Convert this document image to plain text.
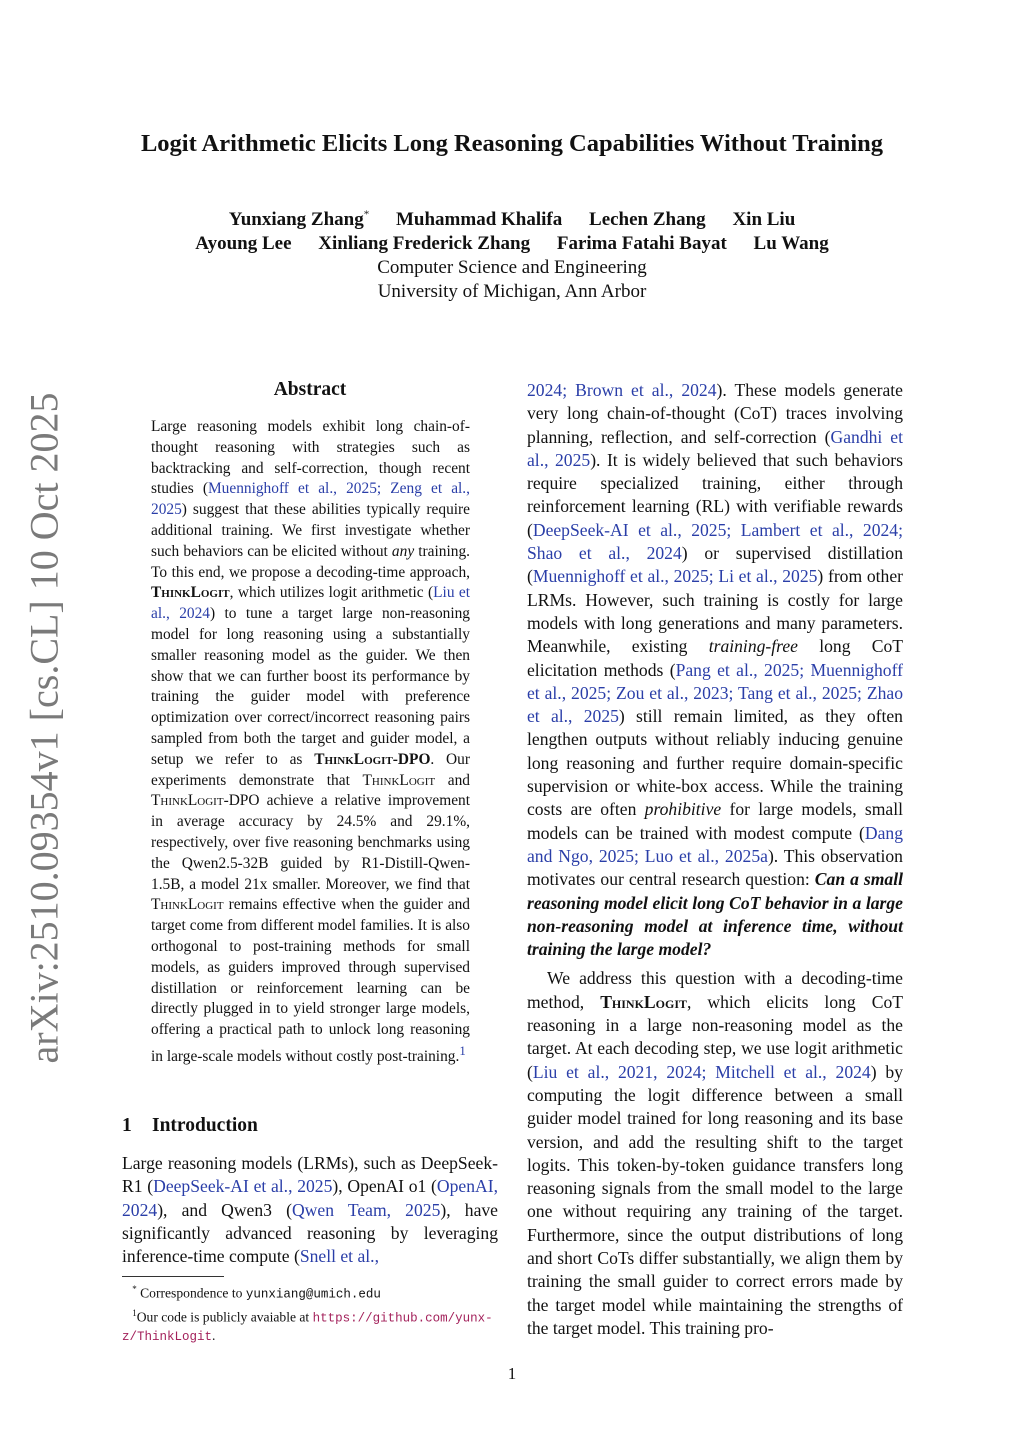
arXiv:2510.09354v1 [cs.CL] 10 Oct 2025
Logit Arithmetic Elicits Long Reasoning Capabilities Without Training
Yunxiang Zhang* Muhammad Khalifa Lechen Zhang Xin Liu
Ayoung Lee Xinliang Frederick Zhang Farima Fatahi Bayat Lu Wang
Computer Science and Engineering
University of Michigan, Ann Arbor
Abstract
Large reasoning models exhibit long chain-of-thought reasoning with strategies such as backtracking and self-correction, though recent studies (Muennighoff et al., 2025; Zeng et al., 2025) suggest that these abilities typically require additional training. We first investigate whether such behaviors can be elicited without any training. To this end, we propose a decoding-time approach, ThinkLogit, which utilizes logit arithmetic (Liu et al., 2024) to tune a target large non-reasoning model for long reasoning using a substantially smaller reasoning model as the guider. We then show that we can further boost its performance by training the guider model with preference optimization over correct/incorrect reasoning pairs sampled from both the target and guider model, a setup we refer to as ThinkLogit-DPO. Our experiments demonstrate that ThinkLogit and ThinkLogit-DPO achieve a relative improvement in average accuracy by 24.5% and 29.1%, respectively, over five reasoning benchmarks using the Qwen2.5-32B guided by R1-Distill-Qwen-1.5B, a model 21x smaller. Moreover, we find that ThinkLogit remains effective when the guider and target come from different model families. It is also orthogonal to post-training methods for small models, as guiders improved through supervised distillation or reinforcement learning can be directly plugged in to yield stronger large models, offering a practical path to unlock long reasoning in large-scale models without costly post-training.$^1$
1 Introduction
Large reasoning models (LRMs), such as DeepSeek-R1 (DeepSeek-AI et al., 2025), OpenAI o1 (OpenAI, 2024), and Qwen3 (Qwen Team, 2025), have significantly advanced reasoning by leveraging inference-time compute (Snell et al.,

2024; Brown et al., 2024). These models generate very long chain-of-thought (CoT) traces involving planning, reflection, and self-correction (Gandhi et al., 2025). It is widely believed that such behaviors require specialized training, either through reinforcement learning (RL) with verifiable rewards (DeepSeek-AI et al., 2025; Lambert et al., 2024; Shao et al., 2024) or supervised distillation (Muennighoff et al., 2025; Li et al., 2025) from other LRMs. However, such training is costly for large models with long generations and many parameters. Meanwhile, existing training-free long CoT elicitation methods (Pang et al., 2025; Muennighoff et al., 2025; Zou et al., 2023; Tang et al., 2025; Zhao et al., 2025) still remain limited, as they often lengthen outputs without reliably inducing genuine long reasoning and further require domain-specific supervision or white-box access. While the training costs are often prohibitive for large models, small models can be trained with modest compute (Dang and Ngo, 2025; Luo et al., 2025a). This observation motivates our central research question: Can a small reasoning model elicit long CoT behavior in a large non-reasoning model at inference time, without training the large model?

We address this question with a decoding-time method, ThinkLogit, which elicits long CoT reasoning in a large non-reasoning model as the target. At each decoding step, we use logit arithmetic (Liu et al., 2021, 2024; Mitchell et al., 2024) by computing the logit difference between a small guider model trained for long reasoning and its base version, and add the resulting shift to the target logits. This token-by-token guidance transfers long reasoning signals from the small model to the large one without requiring any training of the target. Furthermore, since the output distributions of long and short CoTs differ substantially, we align them by training the small guider to correct errors made by the target model while maintaining the strengths of the target model. This training pro-

* Correspondence to yunxiang@umich.edu
$^1$Our code is publicly avaiable at https://github.com/yunx-z/ThinkLogit.
1
